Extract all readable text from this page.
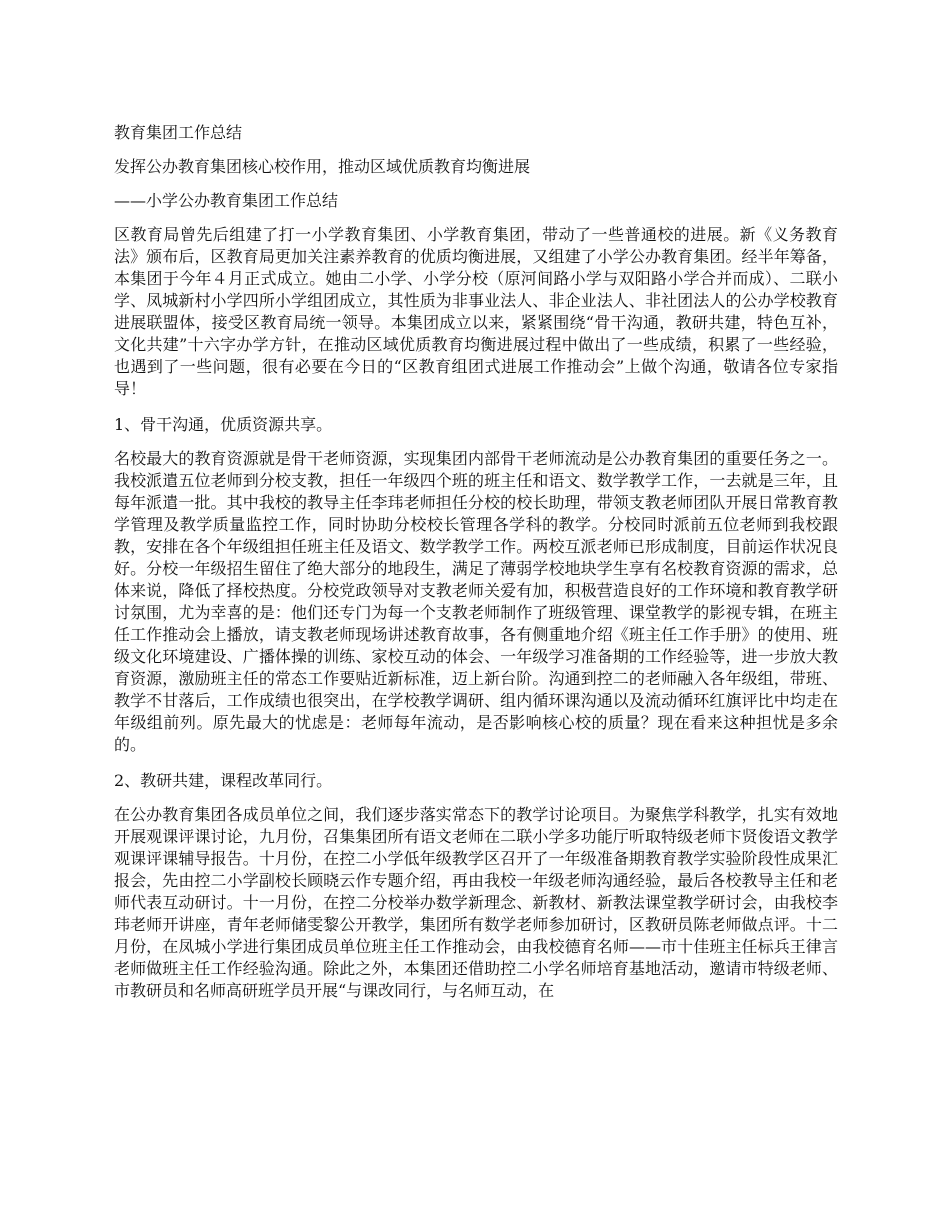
教育集团工作总结
发挥公办教育集团核心校作用，推动区域优质教育均衡进展
——小学公办教育集团工作总结
区教育局曾先后组建了打一小学教育集团、小学教育集团，带动了一些普通校的进展。新《义务教育法》颁布后，区教育局更加关注素养教育的优质均衡进展，又组建了小学公办教育集团。经半年筹备，本集团于今年４月正式成立。她由二小学、小学分校（原河间路小学与双阳路小学合并而成）、二联小学、凤城新村小学四所小学组团成立，其性质为非事业法人、非企业法人、非社团法人的公办学校教育进展联盟体，接受区教育局统一领导。本集团成立以来，紧紧围绕“骨干沟通，教研共建，特色互补，文化共建”十六字办学方针，在推动区域优质教育均衡进展过程中做出了一些成绩，积累了一些经验，也遇到了一些问题，很有必要在今日的“区教育组团式进展工作推动会”上做个沟通，敬请各位专家指导！
1、骨干沟通，优质资源共享。
名校最大的教育资源就是骨干老师资源，实现集团内部骨干老师流动是公办教育集团的重要任务之一。我校派遣五位老师到分校支教，担任一年级四个班的班主任和语文、数学教学工作，一去就是三年，且每年派遣一批。其中我校的教导主任李玮老师担任分校的校长助理，带领支教老师团队开展日常教育教学管理及教学质量监控工作，同时协助分校校长管理各学科的教学。分校同时派前五位老师到我校跟教，安排在各个年级组担任班主任及语文、数学教学工作。两校互派老师已形成制度，目前运作状况良好。分校一年级招生留住了绝大部分的地段生，满足了薄弱学校地块学生享有名校教育资源的需求，总体来说，降低了择校热度。分校党政领导对支教老师关爱有加，积极营造良好的工作环境和教育教学研讨氛围，尤为幸喜的是：他们还专门为每一个支教老师制作了班级管理、课堂教学的影视专辑，在班主任工作推动会上播放，请支教老师现场讲述教育故事，各有侧重地介绍《班主任工作手册》的使用、班级文化环境建设、广播体操的训练、家校互动的体会、一年级学习准备期的工作经验等，进一步放大教育资源，激励班主任的常态工作要贴近新标准，迈上新台阶。沟通到控二的老师融入各年级组，带班、教学不甘落后，工作成绩也很突出，在学校教学调研、组内循环课沟通以及流动循环红旗评比中均走在年级组前列。原先最大的忧虑是：老师每年流动，是否影响核心校的质量？现在看来这种担忧是多余的。
2、教研共建，课程改革同行。
在公办教育集团各成员单位之间，我们逐步落实常态下的教学讨论项目。为聚焦学科教学，扎实有效地开展观课评课讨论，九月份，召集集团所有语文老师在二联小学多功能厅听取特级老师卞贤俊语文教学观课评课辅导报告。十月份，在控二小学低年级教学区召开了一年级准备期教育教学实验阶段性成果汇报会，先由控二小学副校长顾晓云作专题介绍，再由我校一年级老师沟通经验，最后各校教导主任和老师代表互动研讨。十一月份，在控二分校举办数学新理念、新教材、新教法课堂教学研讨会，由我校李玮老师开讲座，青年老师储雯黎公开教学，集团所有数学老师参加研讨，区教研员陈老师做点评。十二月份，在凤城小学进行集团成员单位班主任工作推动会，由我校德育名师——市十佳班主任标兵王律言老师做班主任工作经验沟通。除此之外，本集团还借助控二小学名师培育基地活动，邀请市特级老师、市教研员和名师高研班学员开展“与课改同行，与名师互动，在
